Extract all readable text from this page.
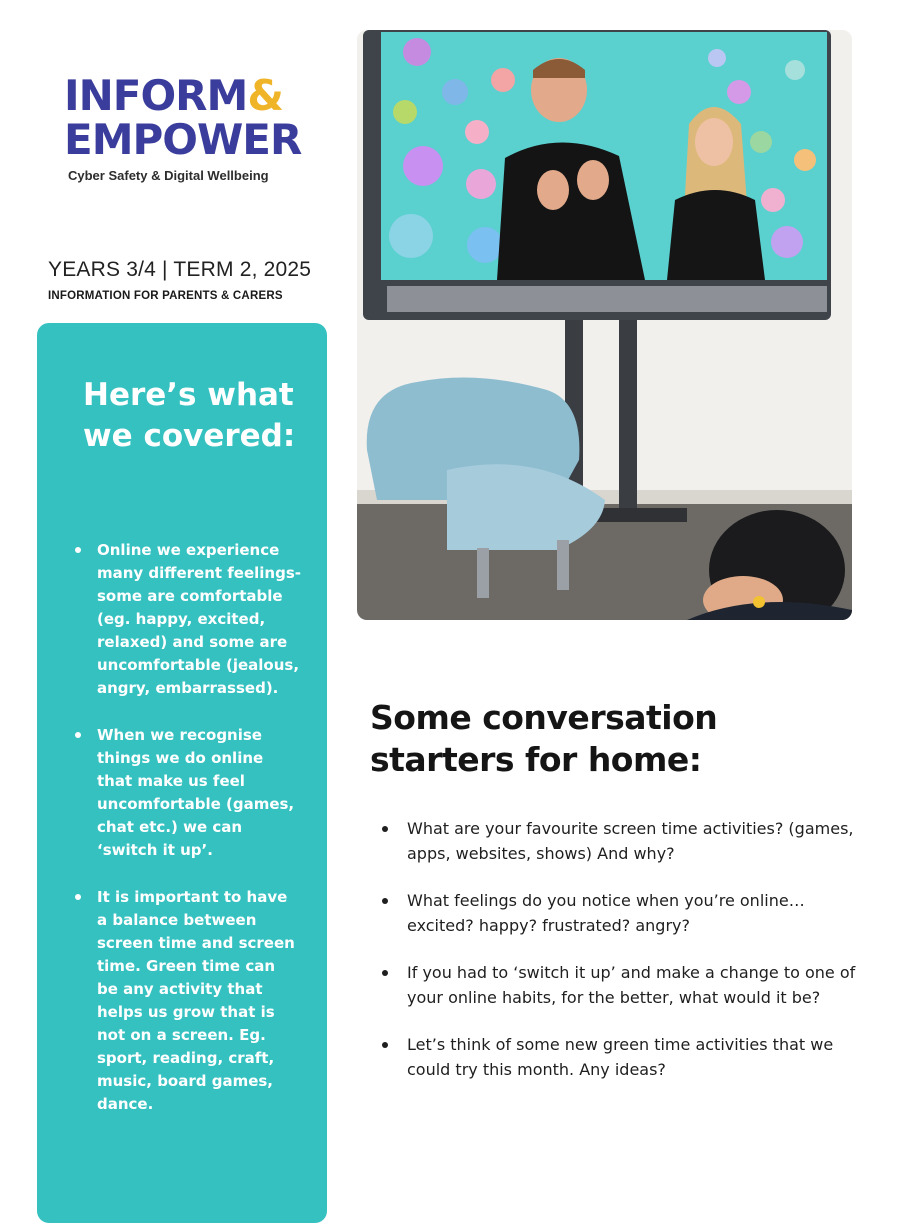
INFORM&
EMPOWER
Cyber Safety & Digital Wellbeing
YEARS 3/4 | TERM 2, 2025
INFORMATION FOR PARENTS & CARERS
Here’s what we covered:
Online we experience many different feelings- some are comfortable (eg. happy, excited, relaxed) and some are uncomfortable (jealous, angry, embarrassed).
When we recognise things we do online that make us feel uncomfortable (games, chat etc.) we can ‘switch it up’.
It is important to have a balance between screen time and screen time. Green time can be any activity that helps us grow that is not on a screen. Eg. sport, reading, craft, music, board games, dance.
Some conversation starters for home:
What are your favourite screen time activities? (games, apps, websites, shows) And why?
What feelings do you notice when you’re online… excited? happy? frustrated? angry?
If you had to ‘switch it up’ and make a change to one of your online habits, for the better, what would it be?
Let’s think of some new green time activities that we could try this month. Any ideas?
